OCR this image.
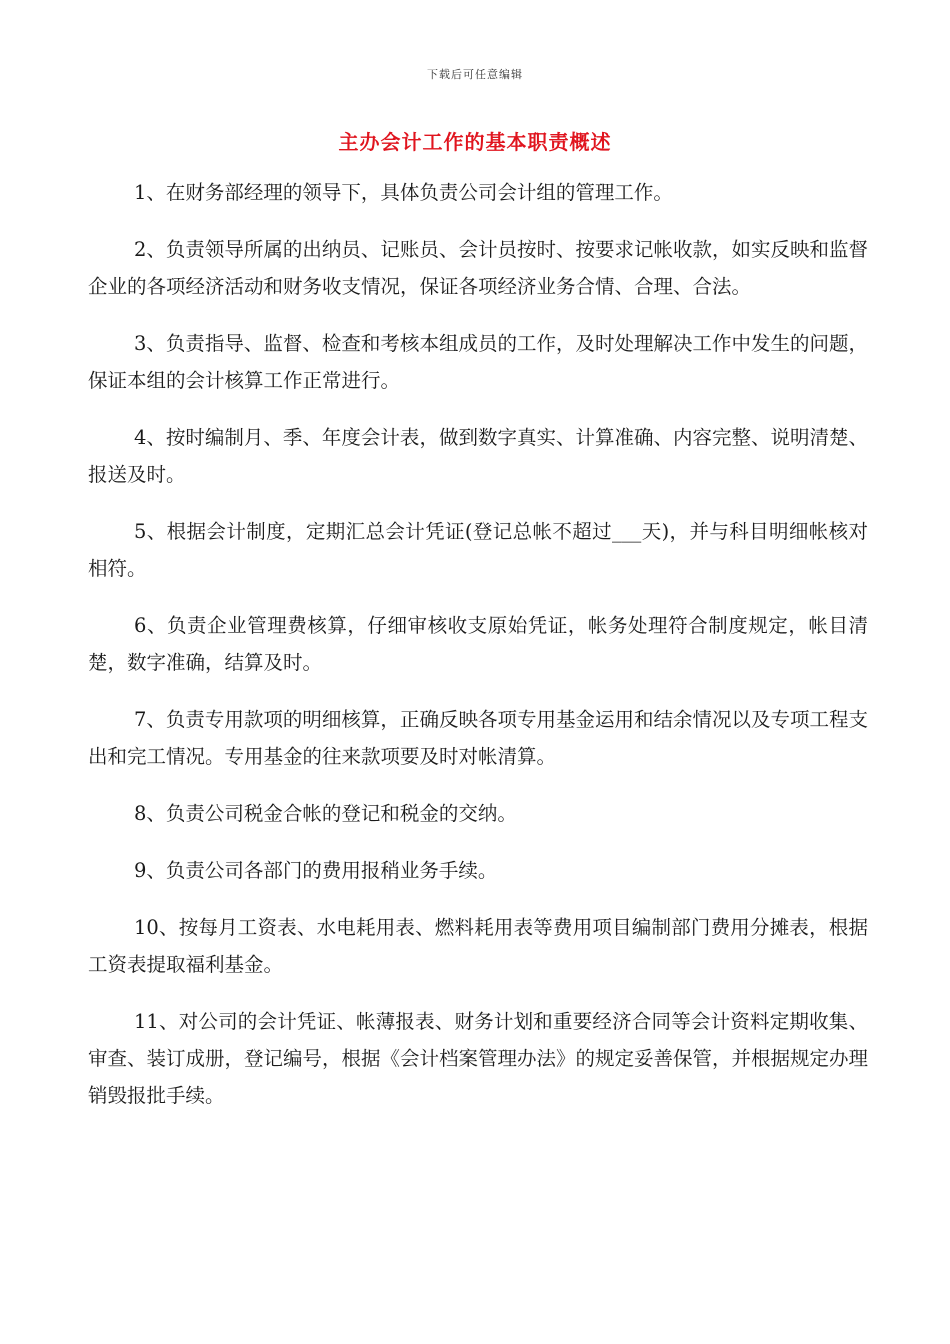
下载后可任意编辑
主办会计工作的基本职责概述

1、在财务部经理的领导下，具体负责公司会计组的管理工作。

2、负责领导所属的出纳员、记账员、会计员按时、按要求记帐收款，如实反映和监督企业的各项经济活动和财务收支情况，保证各项经济业务合情、合理、合法。

3、负责指导、监督、检查和考核本组成员的工作，及时处理解决工作中发生的问题，保证本组的会计核算工作正常进行。

4、按时编制月、季、年度会计表，做到数字真实、计算准确、内容完整、说明清楚、报送及时。

5、根据会计制度，定期汇总会计凭证(登记总帐不超过___天)，并与科目明细帐核对相符。

6、负责企业管理费核算，仔细审核收支原始凭证，帐务处理符合制度规定，帐目清楚，数字准确，结算及时。

7、负责专用款项的明细核算，正确反映各项专用基金运用和结余情况以及专项工程支出和完工情况。专用基金的往来款项要及时对帐清算。

8、负责公司税金合帐的登记和税金的交纳。

9、负责公司各部门的费用报稍业务手续。

10、按每月工资表、水电耗用表、燃料耗用表等费用项目编制部门费用分摊表，根据工资表提取福利基金。

11、对公司的会计凭证、帐薄报表、财务计划和重要经济合同等会计资料定期收集、审查、装订成册，登记编号，根据《会计档案管理办法》的规定妥善保管，并根据规定办理销毁报批手续。
